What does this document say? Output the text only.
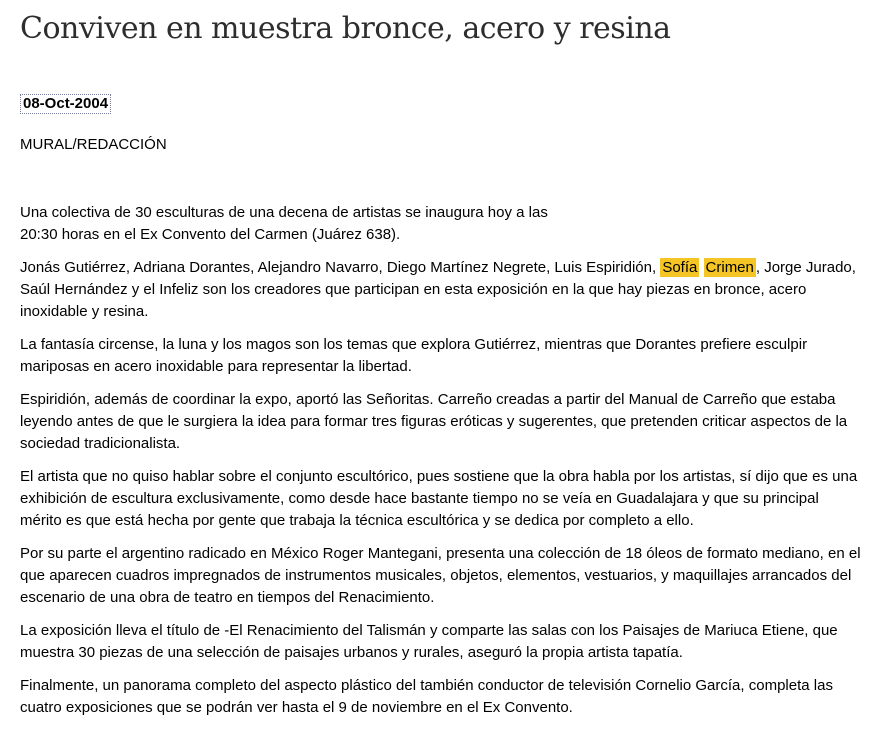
Conviven en muestra bronce, acero y resina
08-Oct-2004
MURAL/REDACCIÓN

Una colectiva de 30 esculturas de una decena de artistas se inaugura hoy a las
20:30 horas en el Ex Convento del Carmen (Juárez 638).

Jonás Gutiérrez, Adriana Dorantes, Alejandro Navarro, Diego Martínez Negrete, Luis Espiridión, Sofía Crimen , Jorge Jurado, Saúl Hernández y el Infeliz son los creadores que participan en esta exposición en la que hay piezas en bronce, acero inoxidable y resina.

La fantasía circense, la luna y los magos son los temas que explora Gutiérrez, mientras que Dorantes prefiere esculpir mariposas en acero inoxidable para representar la libertad.

Espiridión, además de coordinar la expo, aportó las Señoritas. Carreño creadas a partir del Manual de Carreño que estaba leyendo antes de que le surgiera la idea para formar tres figuras eróticas y sugerentes, que pretenden criticar aspectos de la sociedad tradicionalista.

El artista que no quiso hablar sobre el conjunto escultórico, pues sostiene que la obra habla por los artistas, sí dijo que es una exhibición de escultura exclusivamente, como desde hace bastante tiempo no se veía en Guadalajara y que su principal mérito es que está hecha por gente que trabaja la técnica escultórica y se dedica por completo a ello.

Por su parte el argentino radicado en México Roger Mantegani, presenta una colección de 18 óleos de formato mediano, en el que aparecen cuadros impregnados de instrumentos musicales, objetos, elementos, vestuarios, y maquillajes arrancados del escenario de una obra de teatro en tiempos del Renacimiento.

La exposición lleva el título de -El Renacimiento del Talismán y comparte las salas con los Paisajes de Mariuca Etiene, que muestra 30 piezas de una selección de paisajes urbanos y rurales, aseguró la propia artista tapatía.

Finalmente, un panorama completo del aspecto plástico del también conductor de televisión Cornelio García, completa las cuatro exposiciones que se podrán ver hasta el 9 de noviembre en el Ex Convento.
